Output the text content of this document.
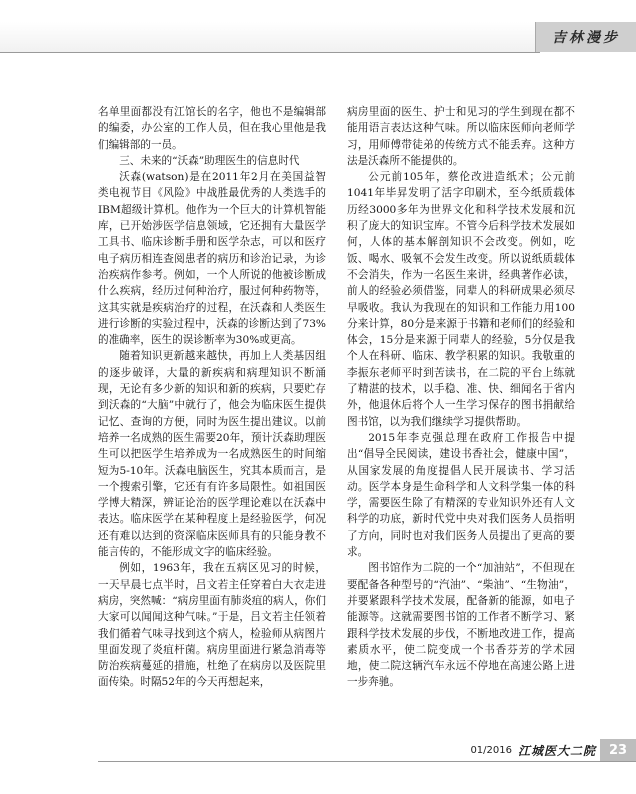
吉林漫步

名单里面都没有江馆长的名字，他也不是编辑部的编委，办公室的工作人员，但在我心里他是我们编辑部的一员。

三、未来的“沃森”助理医生的信息时代

沃森(watson)是在2011年2月在美国益智类电视节目《风险》中战胜最优秀的人类选手的IBM超级计算机。他作为一个巨大的计算机智能库，已开始涉医学信息领域，它还拥有大量医学工具书、临床诊断手册和医学杂志，可以和医疗电子病历相连查阅患者的病历和诊治记录，为诊治疾病作参考。例如，一个人所说的他被诊断成什么疾病，经历过何种治疗，服过何种药物等，这其实就是疾病治疗的过程，在沃森和人类医生进行诊断的实验过程中，沃森的诊断达到了73%的准确率，医生的误诊断率为30%或更高。

随着知识更新越来越快，再加上人类基因组的逐步破译，大量的新疾病和病理知识不断涌现，无论有多少新的知识和新的疾病，只要贮存到沃森的“大脑”中就行了，他会为临床医生提供记忆、查询的方便，同时为医生提出建议。以前培养一名成熟的医生需要20年，预计沃森助理医生可以把医学生培养成为一名成熟医生的时间缩短为5-10年。沃森电脑医生，究其本质而言，是一个搜索引擎，它还有有许多局限性。如祖国医学博大精深，辨证论治的医学理论难以在沃森中表达。临床医学在某种程度上是经验医学，何况还有难以达到的资深临床医师具有的只能身教不能言传的，不能形成文字的临床经验。

例如，1963年，我在五病区见习的时候，一天早晨七点半时，吕文若主任穿着白大衣走进病房，突然喊：“病房里面有肺炎疽的病人，你们大家可以闻闻这种气味。”于是，吕文若主任领着我们循着气味寻找到这个病人，检验师从病图片里面发现了炎疽杆菌。病房里面进行紧急消毒等防治疾病蔓延的措施，杜绝了在病房以及医院里面传染。时隔52年的今天再想起来，

病房里面的医生、护士和见习的学生到现在都不能用语言表达这种气味。所以临床医师向老师学习，用师傅带徒弟的传统方式不能丢弃。这种方法是沃森所不能提供的。

公元前105年，蔡伦改进造纸术；公元前1041年毕昇发明了活字印刷术，至今纸质载体历经3000多年为世界文化和科学技术发展和沉积了庞大的知识宝库。不管今后科学技术发展如何，人体的基本解剖知识不会改变。例如，吃饭、喝水、吸氧不会发生改变。所以说纸质载体不会消失，作为一名医生来讲，经典著作必读，前人的经验必须借鉴，同辈人的科研成果必须尽早吸收。我认为我现在的知识和工作能力用100分来计算，80分是来源于书籍和老师们的经验和体会，15分是来源于同辈人的经验，5分仅是我个人在科研、临床、教学积累的知识。我敬重的李振东老师平时到苦读书，在二院的平台上练就了精湛的技术，以手稳、准、快、细闻名于省内外，他退休后将个人一生学习保存的图书捐献给图书馆，以为我们继续学习提供帮助。

2015年李克强总理在政府工作报告中提出“倡导全民阅读，建设书香社会，健康中国”，从国家发展的角度提倡人民开展读书、学习活动。医学本身是生命科学和人文科学集一体的科学，需要医生除了有精深的专业知识外还有人文科学的功底，新时代党中央对我们医务人员指明了方向，同时也对我们医务人员提出了更高的要求。

图书馆作为二院的一个“加油站”，不但现在要配备各种型号的“汽油”、“柴油”、“生物油”，并要紧跟科学技术发展，配备新的能源，如电子能源等。这就需要图书馆的工作者不断学习、紧跟科学技术发展的步伐，不断地改进工作，提高素质水平，使二院变成一个书香芬芳的学术园地，使二院这辆汽车永远不停地在高速公路上进一步奔驰。

01/2016 江城医大二院 23
